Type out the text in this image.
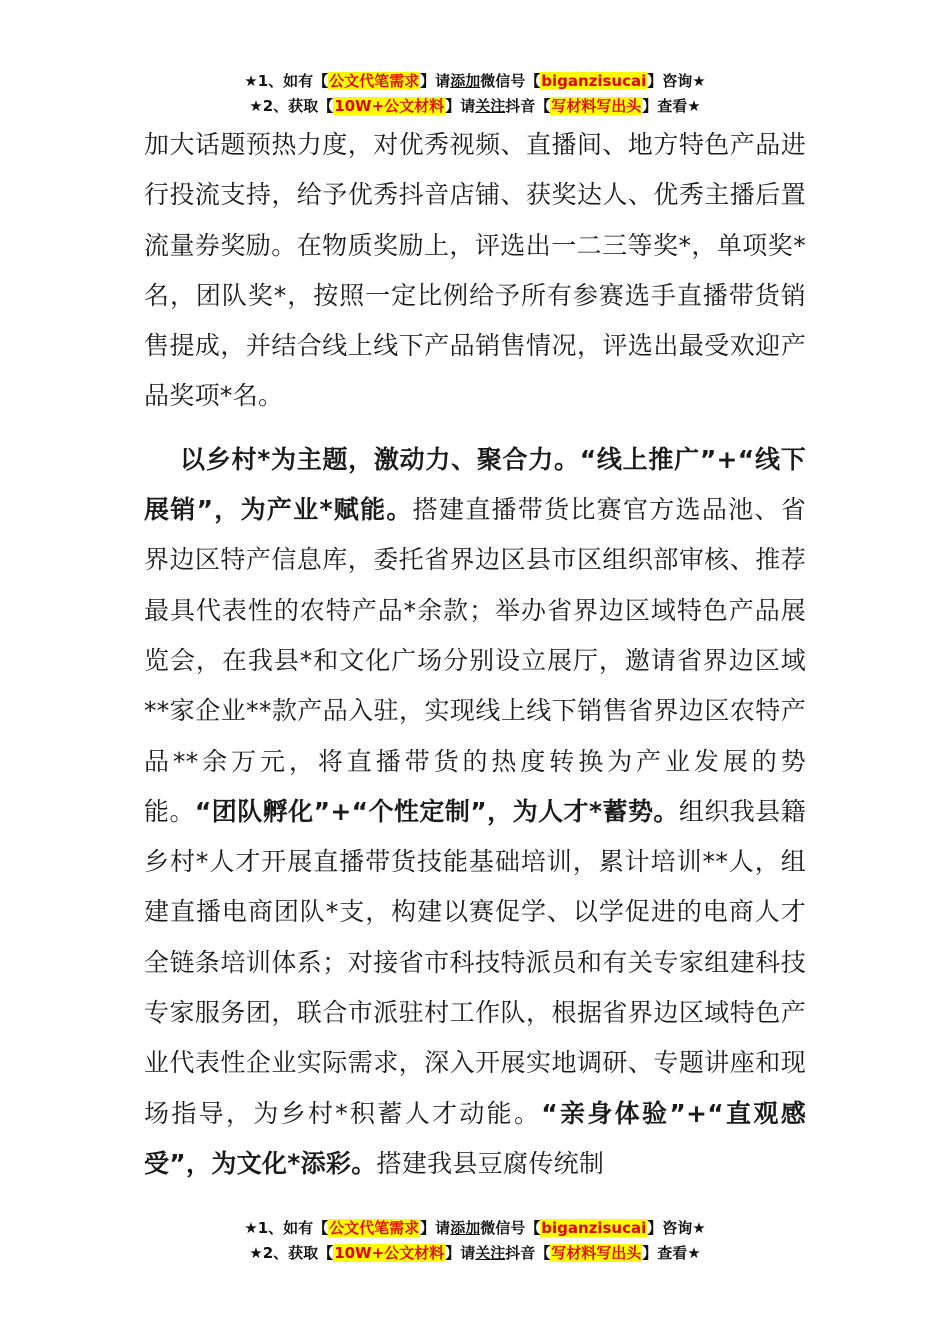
★1、如有【公文代笔需求】请添加微信号【biganzisucai】咨询★
★2、获取【10W+公文材料】请关注抖音【写材料写出头】查看★

加大话题预热力度，对优秀视频、直播间、地方特色产品进行投流支持，给予优秀抖音店铺、获奖达人、优秀主播后置流量券奖励。在物质奖励上，评选出一二三等奖*，单项奖*名，团队奖*，按照一定比例给予所有参赛选手直播带货销售提成，并结合线上线下产品销售情况，评选出最受欢迎产品奖项*名。

以乡村*为主题，激动力、聚合力。“线上推广”+“线下展销”，为产业*赋能。搭建直播带货比赛官方选品池、省界边区特产信息库，委托省界边区县市区组织部审核、推荐最具代表性的农特产品*余款；举办省界边区域特色产品展览会，在我县*和文化广场分别设立展厅，邀请省界边区域**家企业**款产品入驻，实现线上线下销售省界边区农特产品**余万元，将直播带货的热度转换为产业发展的势能。“团队孵化”+“个性定制”，为人才*蓄势。组织我县籍乡村*人才开展直播带货技能基础培训，累计培训**人，组建直播电商团队*支，构建以赛促学、以学促进的电商人才全链条培训体系；对接省市科技特派员和有关专家组建科技专家服务团，联合市派驻村工作队，根据省界边区域特色产业代表性企业实际需求，深入开展实地调研、专题讲座和现场指导，为乡村*积蓄人才动能。“亲身体验”+“直观感受”，为文化*添彩。搭建我县豆腐传统制

★1、如有【公文代笔需求】请添加微信号【biganzisucai】咨询★
★2、获取【10W+公文材料】请关注抖音【写材料写出头】查看★
